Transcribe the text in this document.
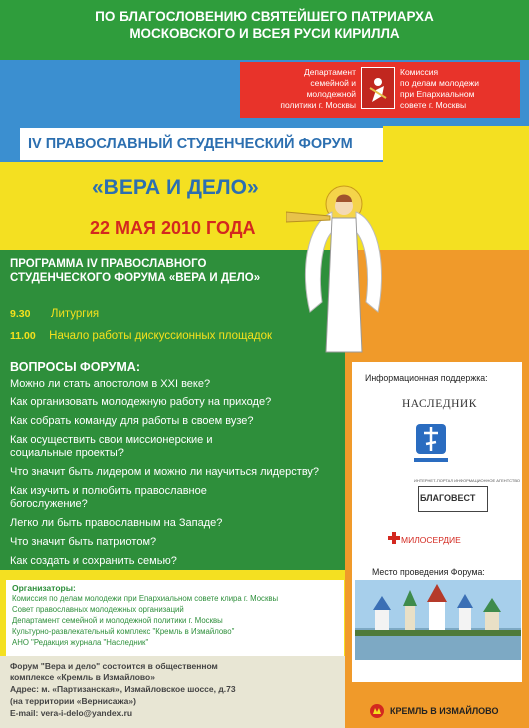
ПО БЛАГОСЛОВЕНИЮ СВЯТЕЙШЕГО ПАТРИАРХА
МОСКОВСКОГО И ВСЕЯ РУСИ КИРИЛЛА
Департамент
семейной и
молодежной
политики г. Москвы
Комиссия
по делам молодежи
при Епархиальном
совете г. Москвы
IV ПРАВОСЛАВНЫЙ СТУДЕНЧЕСКИЙ ФОРУМ
«ВЕРА И ДЕЛО»
22 МАЯ 2010 ГОДА
ПРОГРАММА IV ПРАВОСЛАВНОГО
СТУДЕНЧЕСКОГО ФОРУМА «ВЕРА И ДЕЛО»
9.30 Литургия
11.00 Начало работы дискуссионных площадок
ВОПРОСЫ ФОРУМА:
Можно ли стать апостолом в XXI веке?
Как организовать молодежную работу на приходе?
Как собрать команду для работы в своем вузе?
Как осуществить свои миссионерские и
социальные проекты?
Что значит быть лидером и можно ли научиться лидерству?
Как изучить и полюбить православное
богослужение?
Легко ли быть православным на Западе?
Что значит быть патриотом?
Как создать и сохранить семью?
Организаторы:
Комиссия по делам молодежи при Епархиальном совете клира г. Москвы
Совет православных молодежных организаций
Департамент семейной и молодежной политики г. Москвы
Культурно-развлекательный комплекс "Кремль в Измайлово"
АНО "Редакция журнала "Наследник"
Форум "Вера и дело" состоится в общественном
комплексе «Кремль в Измайлово»
Адрес: м. «Партизанская», Измайловское шоссе, д.73
(на территории «Вернисажа»)
E-mail: vera-i-delo@yandex.ru
Информационная поддержка:
НАСЛЕДНИК
ИНТЕРНЕТ-ПОРТАЛ ИНФОРМАЦИОННОЕ АГЕНТСТВО
БЛАГОВЕСТ
МИЛОСЕРДИЕ
Место проведения Форума:
КРЕМЛЬ В ИЗМАЙЛОВО
